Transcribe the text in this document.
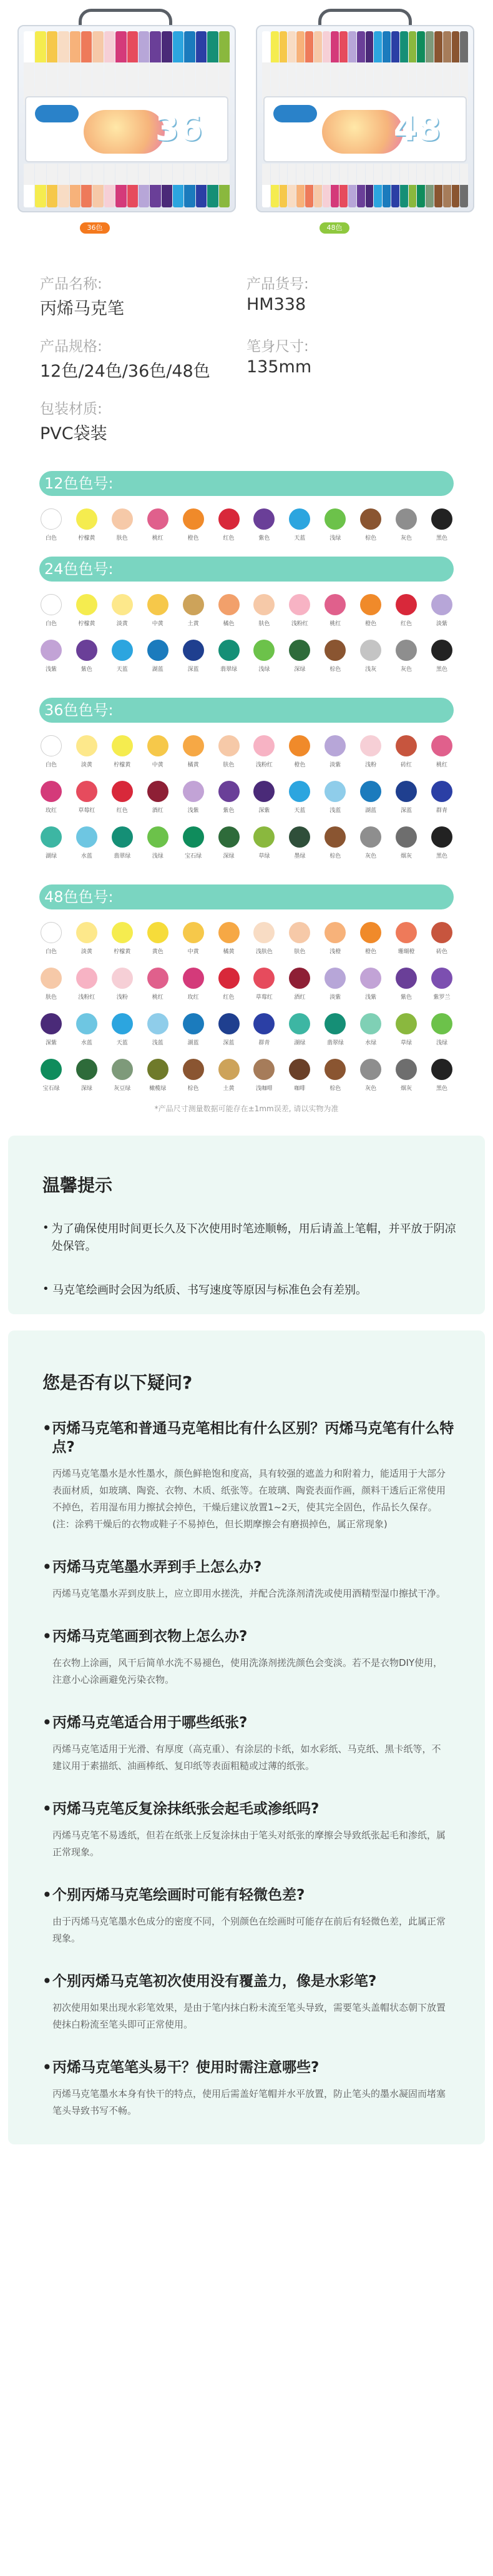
36	48
36色	48色
产品名称:
丙烯马克笔
产品货号:
HM338
产品规格:
12色/24色/36色/48色
笔身尺寸:
135mm
包装材质:
PVC袋装
12色色号:
白色	柠檬黄	肤色	桃红	橙色	红色	紫色	天蓝	浅绿	棕色	灰色	黑色
24色色号:
白色	柠檬黄	淡黄	中黄	土黄	橘色	肤色	浅粉红	桃红	橙色	红色	淡紫
浅紫	紫色	天蓝	湖蓝	深蓝	翡翠绿	浅绿	深绿	棕色	浅灰	灰色	黑色
36色色号:
白色	淡黄	柠檬黄	中黄	橘黄	肤色	浅粉红	橙色	淡紫	浅粉	砖红	桃红
玫红	草莓红	红色	酒红	浅紫	紫色	深紫	天蓝	浅蓝	湖蓝	深蓝	群青
湖绿	水蓝	翡翠绿	浅绿	宝石绿	深绿	草绿	墨绿	棕色	灰色	烟灰	黑色
48色色号:
白色	淡黄	柠檬黄	黄色	中黄	橘黄	浅肤色	肤色	浅橙	橙色	珊瑚橙	砖色
肤色	浅粉红	浅粉	桃红	玫红	红色	草莓红	酒红	淡紫	浅紫	紫色	紫罗兰
深紫	水蓝	天蓝	浅蓝	湖蓝	深蓝	群青	湖绿	翡翠绿	水绿	草绿	浅绿
宝石绿	深绿	灰豆绿	橄榄绿	棕色	土黄	浅咖啡	咖啡	棕色	灰色	烟灰	黑色
*产品尺寸测量数据可能存在±1mm误差, 请以实物为准
温馨提示
• 为了确保使用时间更长久及下次使用时笔迹顺畅，用后请盖上笔帽，并平放于阴凉处保管。
• 马克笔绘画时会因为纸质、书写速度等原因与标准色会有差别。
您是否有以下疑问?
• 丙烯马克笔和普通马克笔相比有什么区别？丙烯马克笔有什么特点?
丙烯马克笔墨水是水性墨水，颜色鲜艳饱和度高，具有较强的遮盖力和附着力，能适用于大部分表面材质，如玻璃、陶瓷、衣物、木质、纸张等。在玻璃、陶瓷表面作画，颜料干透后正常使用不掉色，若用湿布用力擦拭会掉色，干燥后建议放置1~2天，使其完全固色，作品长久保存。(注：涂鸦干燥后的衣物或鞋子不易掉色，但长期摩擦会有磨损掉色，属正常现象)
• 丙烯马克笔墨水弄到手上怎么办?
丙烯马克笔墨水弄到皮肤上，应立即用水搓洗，并配合洗涤剂清洗或使用酒精型湿巾擦拭干净。
• 丙烯马克笔画到衣物上怎么办?
在衣物上涂画，风干后简单水洗不易褪色，使用洗涤剂搓洗颜色会变淡。若不是衣物DIY使用，注意小心涂画避免污染衣物。
• 丙烯马克笔适合用于哪些纸张?
丙烯马克笔适用于光滑、有厚度（高克重）、有涂层的卡纸，如水彩纸、马克纸、黑卡纸等，不建议用于素描纸、油画棒纸、复印纸等表面粗糙或过薄的纸张。
• 丙烯马克笔反复涂抹纸张会起毛或渗纸吗?
丙烯马克笔不易透纸，但若在纸张上反复涂抹由于笔头对纸张的摩擦会导致纸张起毛和渗纸，属正常现象。
• 个别丙烯马克笔绘画时可能有轻微色差?
由于丙烯马克笔墨水色成分的密度不同，个别颜色在绘画时可能存在前后有轻微色差，此属正常现象。
• 个别丙烯马克笔初次使用没有覆盖力，像是水彩笔?
初次使用如果出现水彩笔效果，是由于笔内抹白粉未流至笔头导致，需要笔头盖帽状态朝下放置使抹白粉流至笔头即可正常使用。
• 丙烯马克笔笔头易干？使用时需注意哪些?
丙烯马克笔墨水本身有快干的特点，使用后需盖好笔帽并水平放置，防止笔头的墨水凝固而堵塞笔头导致书写不畅。
